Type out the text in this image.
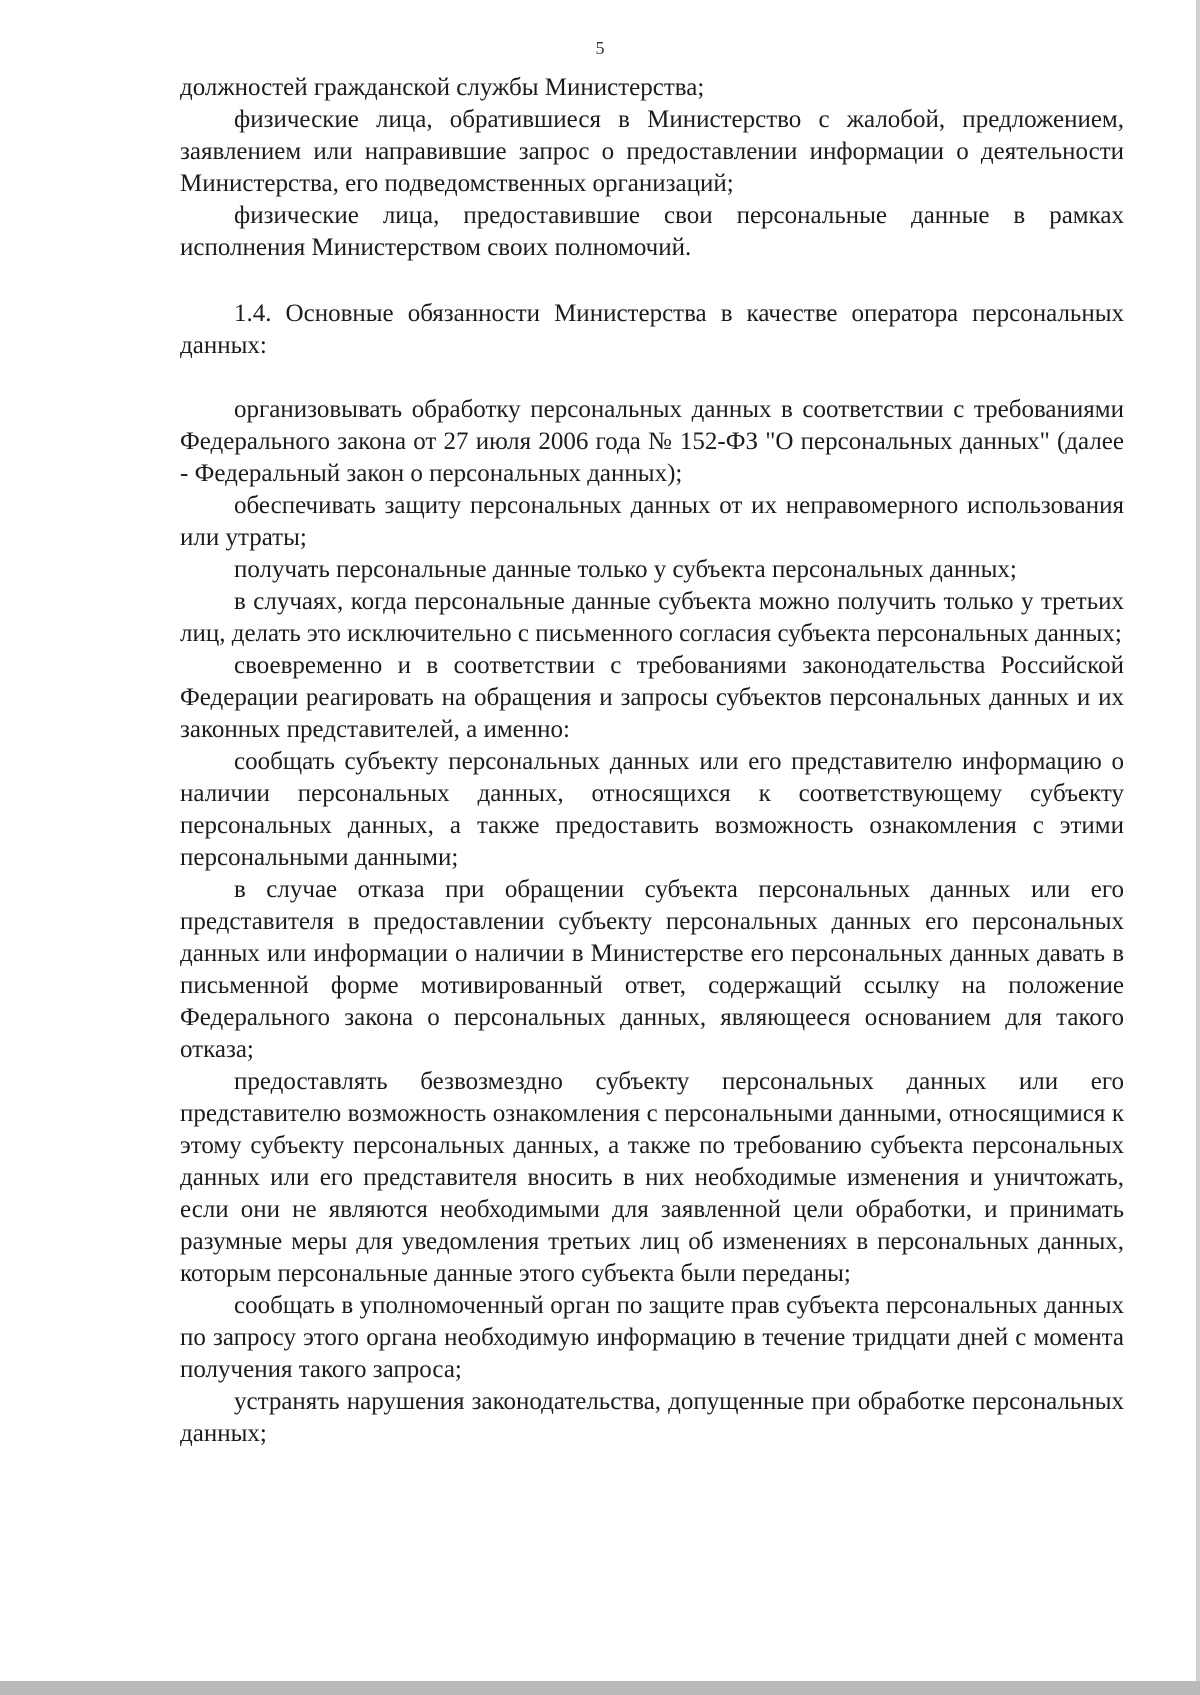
5

должностей гражданской службы Министерства;

физические лица, обратившиеся в Министерство с жалобой, предложением, заявлением или направившие запрос о предоставлении информации о деятельности Министерства, его подведомственных организаций;

физические лица, предоставившие свои персональные данные в рамках исполнения Министерством своих полномочий.

1.4. Основные обязанности Министерства в качестве оператора персональных данных:

организовывать обработку персональных данных в соответствии с требованиями Федерального закона от 27 июля 2006 года № 152-ФЗ "О персональных данных" (далее - Федеральный закон о персональных данных);

обеспечивать защиту персональных данных от их неправомерного использования или утраты;

получать персональные данные только у субъекта персональных данных;

в случаях, когда персональные данные субъекта можно получить только у третьих лиц, делать это исключительно с письменного согласия субъекта персональных данных;

своевременно и в соответствии с требованиями законодательства Российской Федерации реагировать на обращения и запросы субъектов персональных данных и их законных представителей, а именно:

сообщать субъекту персональных данных или его представителю информацию о наличии персональных данных, относящихся к соответствующему субъекту персональных данных, а также предоставить возможность ознакомления с этими персональными данными;

в случае отказа при обращении субъекта персональных данных или его представителя в предоставлении субъекту персональных данных его персональных данных или информации о наличии в Министерстве его персональных данных давать в письменной форме мотивированный ответ, содержащий ссылку на положение Федерального закона о персональных данных, являющееся основанием для такого отказа;

предоставлять безвозмездно субъекту персональных данных или его представителю возможность ознакомления с персональными данными, относящимися к этому субъекту персональных данных, а также по требованию субъекта персональных данных или его представителя вносить в них необходимые изменения и уничтожать, если они не являются необходимыми для заявленной цели обработки, и принимать разумные меры для уведомления третьих лиц об изменениях в персональных данных, которым персональные данные этого субъекта были переданы;

сообщать в уполномоченный орган по защите прав субъекта персональных данных по запросу этого органа необходимую информацию в течение тридцати дней с момента получения такого запроса;

устранять нарушения законодательства, допущенные при обработке персональных данных;
